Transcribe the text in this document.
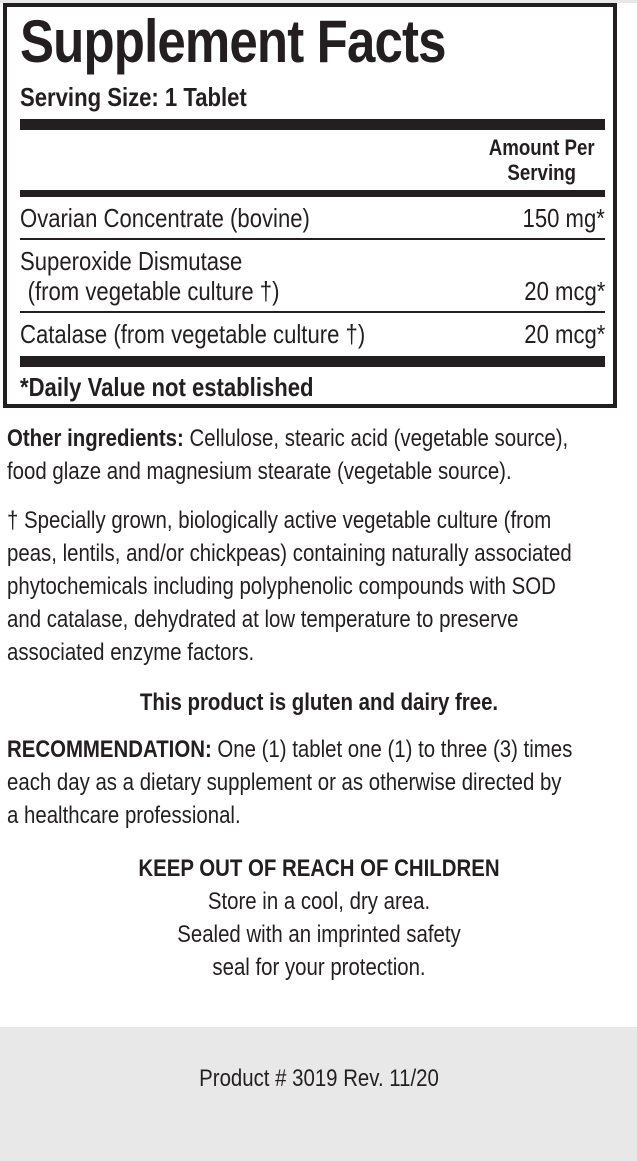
Supplement Facts
Serving Size: 1 Tablet
Amount Per
Serving
Ovarian Concentrate (bovine)	150 mg*
Superoxide Dismutase
(from vegetable culture †)	20 mcg*
Catalase (from vegetable culture †)	20 mcg*
*Daily Value not established
Other ingredients: Cellulose, stearic acid (vegetable source),
food glaze and magnesium stearate (vegetable source).
† Specially grown, biologically active vegetable culture (from
peas, lentils, and/or chickpeas) containing naturally associated
phytochemicals including polyphenolic compounds with SOD
and catalase, dehydrated at low temperature to preserve
associated enzyme factors.
This product is gluten and dairy free.
RECOMMENDATION: One (1) tablet one (1) to three (3) times
each day as a dietary supplement or as otherwise directed by
a healthcare professional.
KEEP OUT OF REACH OF CHILDREN
Store in a cool, dry area.
Sealed with an imprinted safety
seal for your protection.

Product # 3019 Rev. 11/20
